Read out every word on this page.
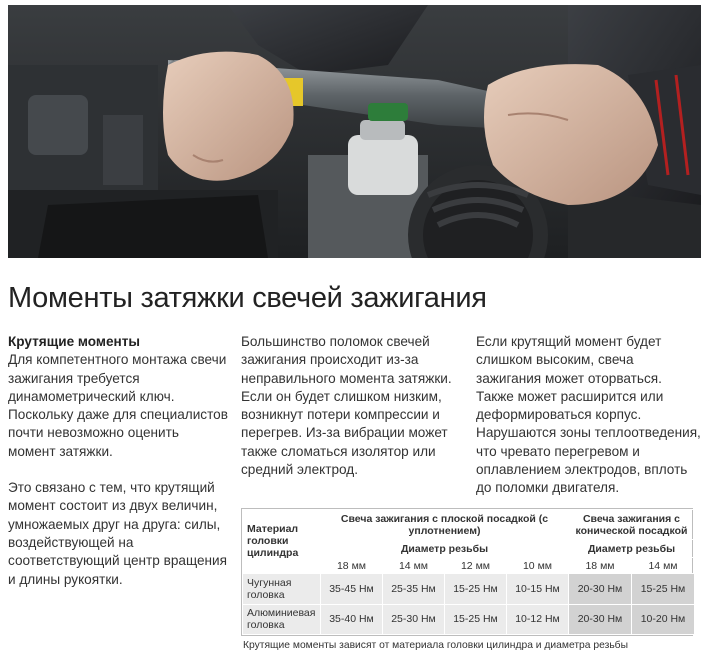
Моменты затяжки свечей зажигания

Крутящие моменты

Для компетентного монтажа свечи зажигания требуется динамометрический ключ. Поскольку даже для специалистов почти невозможно оценить момент затяжки.

Это связано с тем, что крутящий момент состоит из двух величин, умножаемых друг на друга: силы, воздействующей на соответствующий центр вращения и длины рукоятки.

Большинство поломок свечей зажигания происходит из-за неправильного момента затяжки. Если он будет слишком низким, возникнут потери компрессии и перегрев. Из-за вибрации может также сломаться изолятор или средний электрод.

Если крутящий момент будет слишком высоким, свеча зажигания может оторваться. Также может расширится или деформироваться корпус. Нарушаются зоны теплоотведения, что чревато перегревом и оплавлением электродов, вплоть до поломки двигателя.

Материал головки цилиндра	Свеча зажигания с плоской посадкой (с уплотнением)				Свеча зажигания с конической посадкой	
	Диаметр резьбы				Диаметр резьбы	
	18 мм	14 мм	12 мм	10 мм	18 мм	14 мм
Чугунная головка	35-45 Нм	25-35 Нм	15-25 Нм	10-15 Нм	20-30 Нм	15-25 Нм
Алюминиевая головка	35-40 Нм	25-30 Нм	15-25 Нм	10-12 Нм	20-30 Нм	10-20 Нм
Крутящие моменты зависят от материала головки цилиндра и диаметра резьбы
